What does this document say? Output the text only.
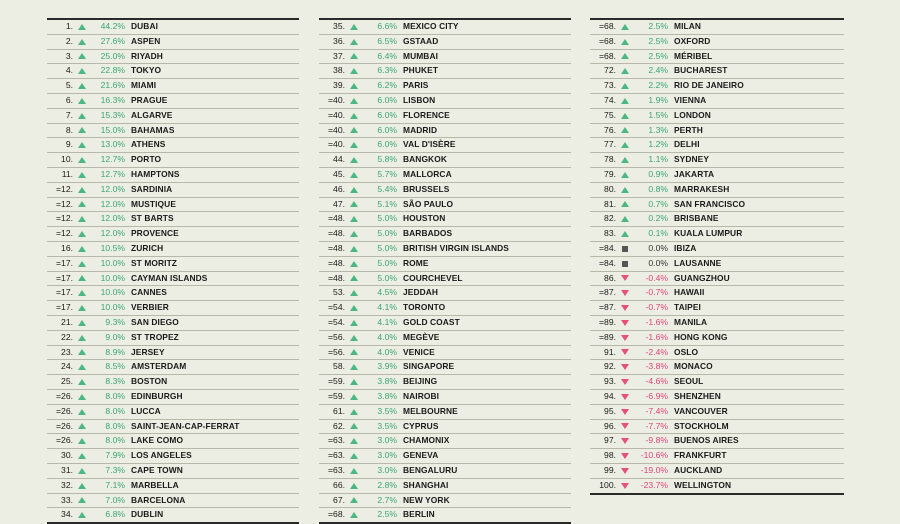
1.	44.2% DUBAI
2.	27.6% ASPEN
3.	25.0% RIYADH
4.	22.8% TOKYO
5.	21.6% MIAMI
6.	16.3% PRAGUE
7.	15.3% ALGARVE
8.	15.0% BAHAMAS
9.	13.0% ATHENS
10.	12.7% PORTO
11.	12.7% HAMPTONS
=12.	12.0% SARDINIA
=12.	12.0% MUSTIQUE
=12.	12.0% ST BARTS
=12.	12.0% PROVENCE
16.	10.5% ZURICH
=17.	10.0% ST MORITZ
=17.	10.0% CAYMAN ISLANDS
=17.	10.0% CANNES
=17.	10.0% VERBIER
21.	9.3% SAN DIEGO
22.	9.0% ST TROPEZ
23.	8.9% JERSEY
24.	8.5% AMSTERDAM
25.	8.3% BOSTON
=26.	8.0% EDINBURGH
=26.	8.0% LUCCA
=26.	8.0% SAINT-JEAN-CAP-FERRAT
=26.	8.0% LAKE COMO
30.	7.9% LOS ANGELES
31.	7.3% CAPE TOWN
32.	7.1% MARBELLA
33.	7.0% BARCELONA
34.	6.8% DUBLIN
35.	6.6% MEXICO CITY
36.	6.5% GSTAAD
37.	6.4% MUMBAI
38.	6.3% PHUKET
39.	6.2% PARIS
=40.	6.0% LISBON
=40.	6.0% FLORENCE
=40.	6.0% MADRID
=40.	6.0% VAL D'ISÈRE
44.	5.8% BANGKOK
45.	5.7% MALLORCA
46.	5.4% BRUSSELS
47.	5.1% SÃO PAULO
=48.	5.0% HOUSTON
=48.	5.0% BARBADOS
=48.	5.0% BRITISH VIRGIN ISLANDS
=48.	5.0% ROME
=48.	5.0% COURCHEVEL
53.	4.5% JEDDAH
=54.	4.1% TORONTO
=54.	4.1% GOLD COAST
=56.	4.0% MEGÈVE
=56.	4.0% VENICE
58.	3.9% SINGAPORE
=59.	3.8% BEIJING
=59.	3.8% NAIROBI
61.	3.5% MELBOURNE
62.	3.5% CYPRUS
=63.	3.0% CHAMONIX
=63.	3.0% GENEVA
=63.	3.0% BENGALURU
66.	2.8% SHANGHAI
67.	2.7% NEW YORK
=68.	2.5% BERLIN
=68.	2.5% MILAN
=68.	2.5% OXFORD
=68.	2.5% MÉRIBEL
72.	2.4% BUCHAREST
73.	2.2% RIO DE JANEIRO
74.	1.9% VIENNA
75.	1.5% LONDON
76.	1.3% PERTH
77.	1.2% DELHI
78.	1.1% SYDNEY
79.	0.9% JAKARTA
80.	0.8% MARRAKESH
81.	0.7% SAN FRANCISCO
82.	0.2% BRISBANE
83.	0.1% KUALA LUMPUR
=84.	0.0% IBIZA
=84.	0.0% LAUSANNE
86.	-0.4% GUANGZHOU
=87.	-0.7% HAWAII
=87.	-0.7% TAIPEI
=89.	-1.6% MANILA
=89.	-1.6% HONG KONG
91.	-2.4% OSLO
92.	-3.8% MONACO
93.	-4.6% SEOUL
94.	-6.9% SHENZHEN
95.	-7.4% VANCOUVER
96.	-7.7% STOCKHOLM
97.	-9.8% BUENOS AIRES
98.	-10.6% FRANKFURT
99.	-19.0% AUCKLAND
100.	-23.7% WELLINGTON
